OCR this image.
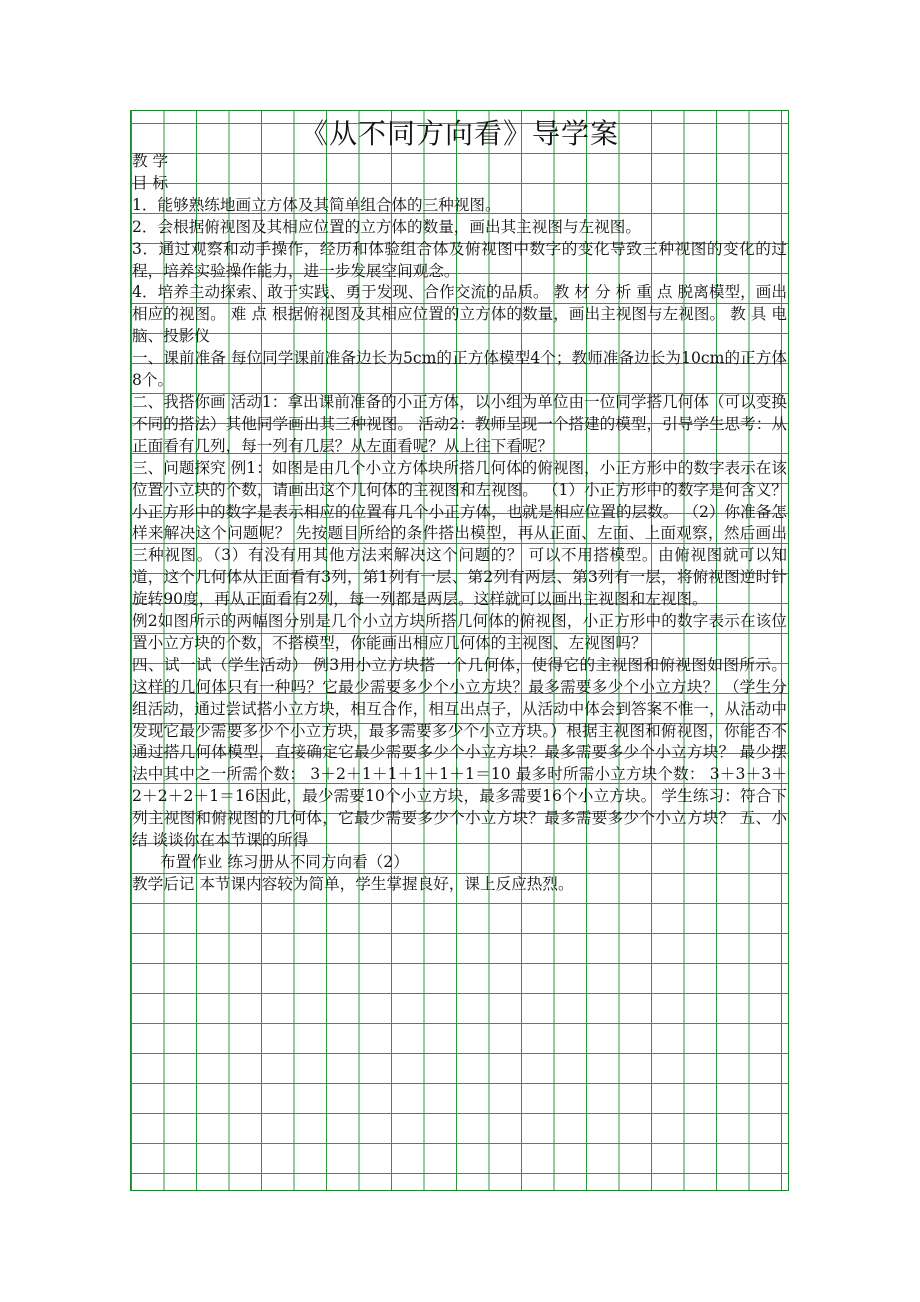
《从不同方向看》导学案

教 学

目 标

1．能够熟练地画立方体及其简单组合体的三种视图。

2．会根据俯视图及其相应位置的立方体的数量，画出其主视图与左视图。

3．通过观察和动手操作，经历和体验组合体及俯视图中数字的变化导致三种视图的变化的过程，培养实验操作能力，进一步发展空间观念。

4．培养主动探索、敢于实践、勇于发现、合作交流的品质。 教 材 分 析 重 点 脱离模型，画出相应的视图。 难 点 根据俯视图及其相应位置的立方体的数量，画出主视图与左视图。 教 具 电脑、投影仪

一、课前准备 每位同学课前准备边长为5cm的正方体模型4个；教师准备边长为10cm的正方体8个。

二、我搭你画 活动1：拿出课前准备的小正方体，以小组为单位由一位同学搭几何体（可以变换不同的搭法）其他同学画出其三种视图。 活动2：教师呈现一个搭建的模型，引导学生思考：从正面看有几列，每一列有几层？从左面看呢？从上往下看呢？

三、问题探究 例1：如图是由几个小立方体块所搭几何体的俯视图，小正方形中的数字表示在该位置小立块的个数，请画出这个几何体的主视图和左视图。 （1）小正方形中的数字是何含义？ 小正方形中的数字是表示相应的位置有几个小正方体，也就是相应位置的层数。 （2）你准备怎样来解决这个问题呢？ 先按题目所给的条件搭出模型，再从正面、左面、上面观察，然后画出三种视图。（3）有没有用其他方法来解决这个问题的？ 可以不用搭模型。由俯视图就可以知道，这个几何体从正面看有3列，第1列有一层、第2列有两层、第3列有一层，将俯视图逆时针旋转90度，再从正面看有2列，每一列都是两层。这样就可以画出主视图和左视图。

例2如图所示的两幅图分别是几个小立方块所搭几何体的俯视图，小正方形中的数字表示在该位置小立方块的个数，不搭模型，你能画出相应几何体的主视图、左视图吗？

四、试一试（学生活动） 例3用小立方块搭一个几何体，使得它的主视图和俯视图如图所示。 这样的几何体只有一种吗？它最少需要多少个小立方块？最多需要多少个小立方块？ （学生分组活动，通过尝试搭小立方块，相互合作，相互出点子，从活动中体会到答案不惟一，从活动中发现它最少需要多少个小立方块，最多需要多少个小立方块。）根据主视图和俯视图，你能否不通过搭几何体模型，直接确定它最少需要多少个小立方块？最多需要多少个小立方块？ 最少摆法中其中之一所需个数： 3＋2＋1＋1＋1＋1＋1＝10 最多时所需小立方块个数： 3＋3＋3＋2＋2＋2＋1＝16因此，最少需要10个小立方块，最多需要16个小立方块。 学生练习：符合下列主视图和俯视图的几何体，它最少需要多少个小立方块？最多需要多少个小立方块？ 五、小结 谈谈你在本节课的所得

布置作业 练习册从不同方向看（2）

教学后记 本节课内容较为简单，学生掌握良好，课上反应热烈。
